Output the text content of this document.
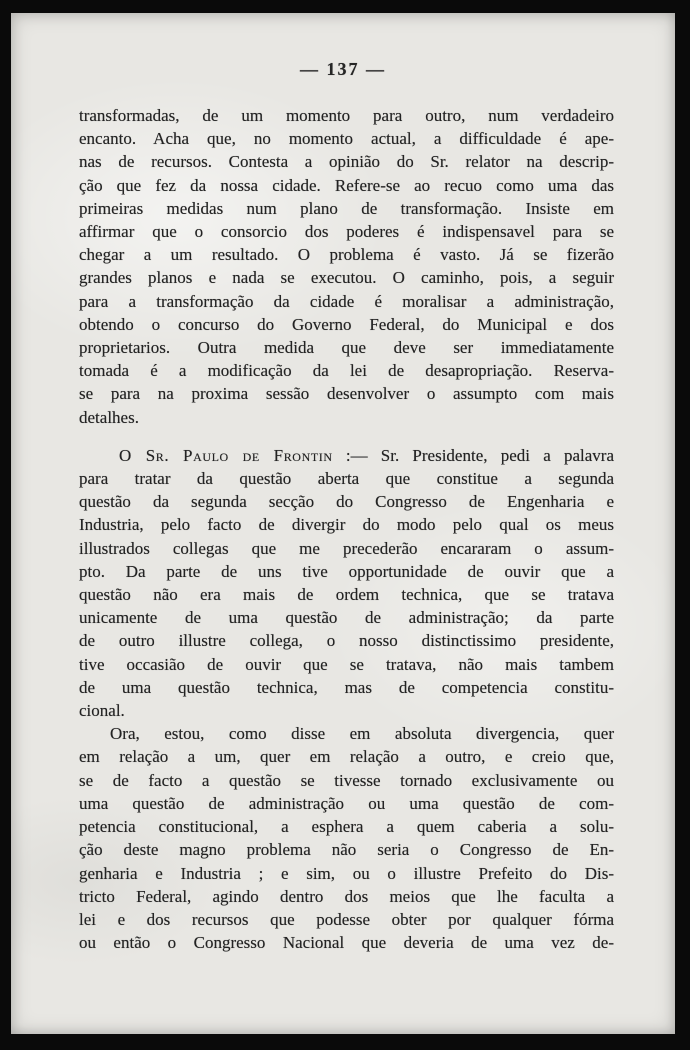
— 137 —
transformadas, de um momento para outro, num verdadeiro
encanto. Acha que, no momento actual, a difficuldade é ape-
nas de recursos. Contesta a opinião do Sr. relator na descrip-
ção que fez da nossa cidade. Refere-se ao recuo como uma das
primeiras medidas num plano de transformação. Insiste em
affirmar que o consorcio dos poderes é indispensavel para se
chegar a um resultado. O problema é vasto. Já se fizerão
grandes planos e nada se executou. O caminho, pois, a seguir
para a transformação da cidade é moralisar a administração,
obtendo o concurso do Governo Federal, do Municipal e dos
proprietarios. Outra medida que deve ser immediatamente
tomada é a modificação da lei de desapropriação. Reserva-
se para na proxima sessão desenvolver o assumpto com mais
detalhes.
O Sr. Paulo de Frontin :— Sr. Presidente, pedi a palavra
para tratar da questão aberta que constitue a segunda
questão da segunda secção do Congresso de Engenharia e
Industria, pelo facto de divergir do modo pelo qual os meus
illustrados collegas que me precederão encararam o assum-
pto. Da parte de uns tive opportunidade de ouvir que a
questão não era mais de ordem technica, que se tratava
unicamente de uma questão de administração; da parte
de outro illustre collega, o nosso distinctissimo presidente,
tive occasião de ouvir que se tratava, não mais tambem
de uma questão technica, mas de competencia constitu-
cional.
Ora, estou, como disse em absoluta divergencia, quer
em relação a um, quer em relação a outro, e creio que,
se de facto a questão se tivesse tornado exclusivamente ou
uma questão de administração ou uma questão de com-
petencia constitucional, a esphera a quem caberia a solu-
ção deste magno problema não seria o Congresso de En-
genharia e Industria ; e sim, ou o illustre Prefeito do Dis-
tricto Federal, agindo dentro dos meios que lhe faculta a
lei e dos recursos que podesse obter por qualquer fórma
ou então o Congresso Nacional que deveria de uma vez de-
